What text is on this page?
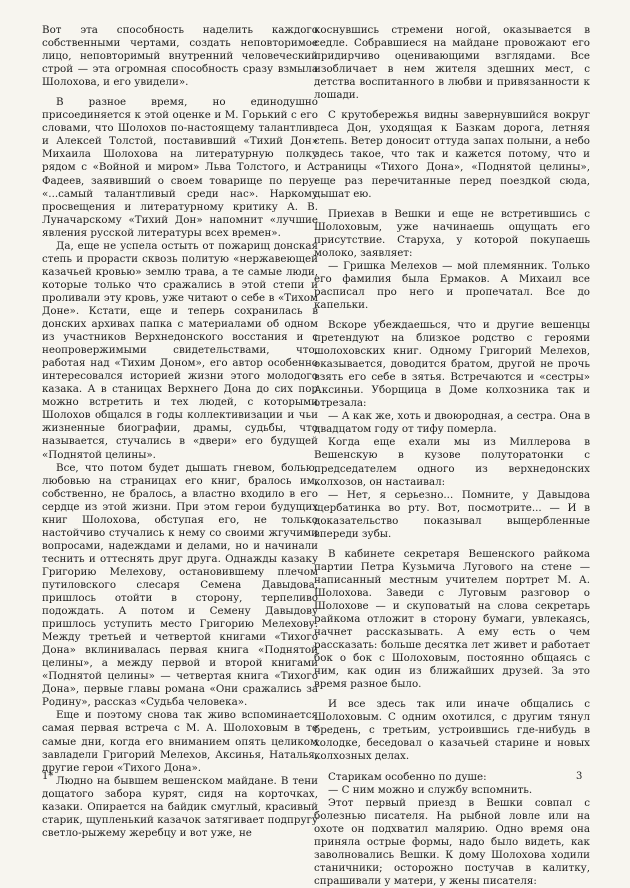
Вот эта способность наделить каждого собственными чертами, создать неповторимое лицо, неповторимый внутренний человеческий строй — эта огромная способность сразу взмыла Шолохова, и его увидели».

В разное время, но единодушно присоединяется к этой оценке и М. Горький с его словами, что Шолохов по-настоящему талантлив, и Алексей Толстой, поставивший «Тихий Дон» Михаила Шолохова на литературную полку рядом с «Войной и миром» Льва Толстого, и А. Фадеев, заявивший о своем товарище по перу: «...самый талантливый среди нас». Наркому просвещения и литературному критику А. В. Луначарскому «Тихий Дон» напомнит «лучшие явления русской литературы всех времен».

Да, еще не успела остыть от пожарищ донская степь и прорасти сквозь политую «нержавеющей казачьей кровью» землю трава, а те самые люди, которые только что сражались в этой степи и проливали эту кровь, уже читают о себе в «Тихом Доне». Кстати, еще и теперь сохранилась в донских архивах папка с материалами об одном из участников Верхнедонского восстания и с неопровержимыми свидетельствами, что, работая над «Тихим Доном», его автор особенно интересовался историей жизни этого молодого казака. А в станицах Верхнего Дона до сих пор можно встретить и тех людей, с которыми Шолохов общался в годы коллективизации и чьи жизненные биографии, драмы, судьбы, что называется, стучались в «двери» его будущей «Поднятой целины».

Все, что потом будет дышать гневом, болью, любовью на страницах его книг, бралось им, собственно, не бралось, а властно входило в его сердце из этой жизни. При этом герои будущих книг Шолохова, обступая его, не только настойчиво стучались к нему со своими жгучими вопросами, надеждами и делами, но и начинали теснить и оттеснять друг друга. Однажды казаку Григорию Мелехову, остановившему плечом путиловского слесаря Семена Давыдова, пришлось отойти в сторону, терпеливо подождать. А потом и Семену Давыдову пришлось уступить место Григорию Мелехову. Между третьей и четвертой книгами «Тихого Дона» вклинивалась первая книга «Поднятой целины», а между первой и второй книгами «Поднятой целины» — четвертая книга «Тихого Дона», первые главы романа «Они сражались за Родину», рассказ «Судьба человека».

Еще и поэтому снова так живо вспоминается самая первая встреча с М. А. Шолоховым в те самые дни, когда его вниманием опять целиком завладели Григорий Мелехов, Аксинья, Наталья, другие герои «Тихого Дона».

Людно на бывшем вешенском майдане. В тени дощатого забора курят, сидя на корточках, казаки. Опирается на байдик смуглый, красивый старик, щупленький казачок затягивает подпругу светло-рыжему жеребцу и вот уже, не

коснувшись стремени ногой, оказывается в седле. Собравшиеся на майдане провожают его придирчиво оценивающими взглядами. Все изобличает в нем жителя здешних мест, с детства воспитанного в любви и привязанности к лошади.

С крутобережья видны завернувшийся вокруг леса Дон, уходящая к Базкам дорога, летняя степь. Ветер доносит оттуда запах полыни, а небо здесь такое, что так и кажется потому, что и страницы «Тихого Дона», «Поднятой целины», еще раз перечитанные перед поездкой сюда, дышат ею.

Приехав в Вешки и еще не встретившись с Шолоховым, уже начинаешь ощущать его присутствие. Старуха, у которой покупаешь молоко, заявляет:

— Гришка Мелехов — мой племянник. Только его фамилия была Ермаков. А Михаил все расписал про него и пропечатал. Все до капельки.

Вскоре убеждаешься, что и другие вешенцы претендуют на близкое родство с героями шолоховских книг. Одному Григорий Мелехов, оказывается, доводится братом, другой не прочь взять его себе в зятья. Встречаются и «сестры» Аксиньи. Уборщица в Доме колхозника так и отрезала:

— А как же, хоть и двоюродная, а сестра. Она в двадцатом году от тифу померла.

Когда еще ехали мы из Миллерова в Вешенскую в кузове полуторатонки с председателем одного из верхнедонских колхозов, он настаивал:

— Нет, я серьезно... Помните, у Давыдова щербатинка во рту. Вот, посмотрите... — И в доказательство показывал выщербленные впереди зубы.

В кабинете секретаря Вешенского райкома партии Петра Кузьмича Лугового на стене — написанный местным учителем портрет М. А. Шолохова. Заведи с Луговым разговор о Шолохове — и скуповатый на слова секретарь райкома отложит в сторону бумаги, увлекаясь, начнет рассказывать. А ему есть о чем рассказать: больше десятка лет живет и работает бок о бок с Шолоховым, постоянно общаясь с ним, как один из ближайших друзей. За это время разное было.

И все здесь так или иначе общались с Шолоховым. С одним охотился, с другим тянул бредень, с третьим, устроившись где-нибудь в холодке, беседовал о казачьей старине и новых колхозных делах.

Старикам особенно по душе:

— С ним можно и службу вспомнить.

Этот первый приезд в Вешки совпал с болезнью писателя. На рыбной ловле или на охоте он подхватил малярию. Одно время она приняла острые формы, надо было видеть, как заволновались Вешки. К дому Шолохова ходили станичники; осторожно постучав в калитку, спрашивали у матери, у жены писателя:

1*	3
